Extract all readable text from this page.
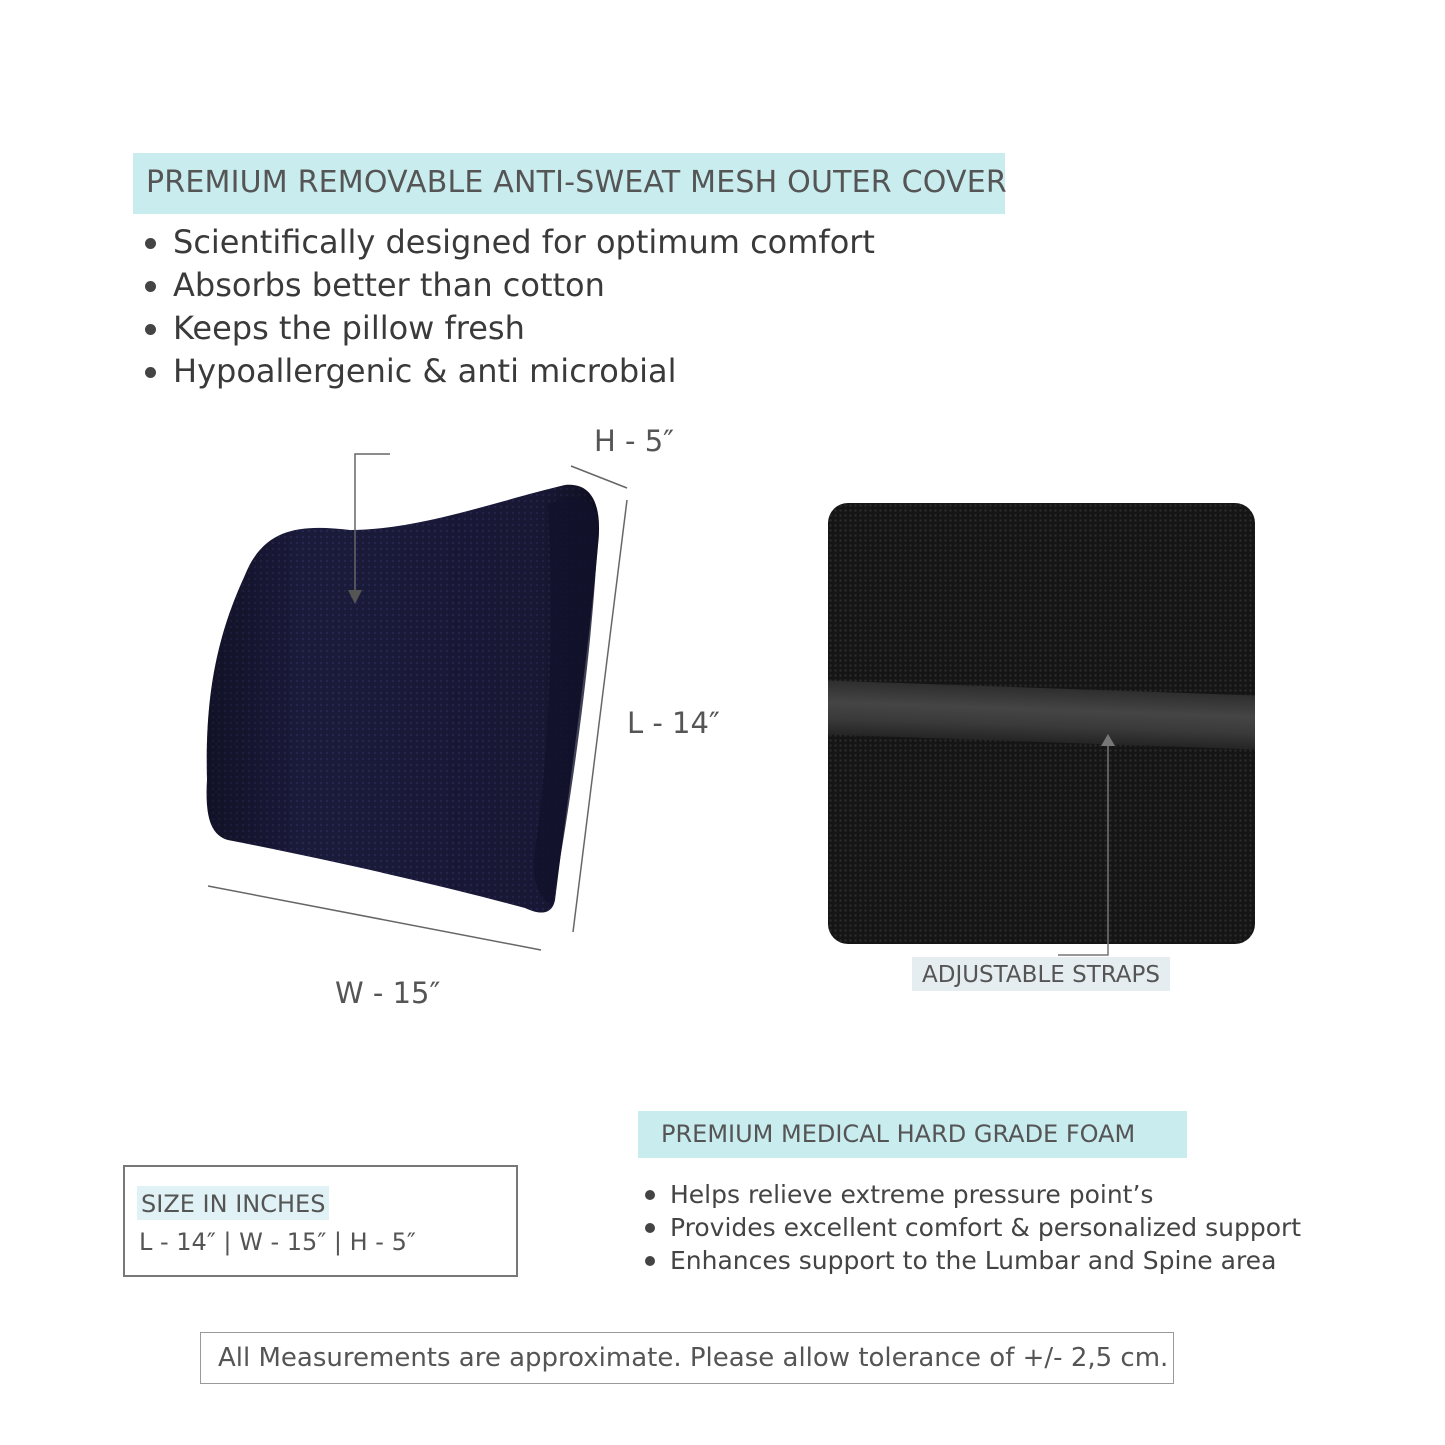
PREMIUM REMOVABLE ANTI-SWEAT MESH OUTER COVER
Scientifically designed for optimum comfort
Absorbs better than cotton
Keeps the pillow fresh
Hypoallergenic & anti microbial
H - 5″
L - 14″
W - 15″
ADJUSTABLE STRAPS
PREMIUM MEDICAL HARD GRADE FOAM
Helps relieve extreme pressure point’s
Provides excellent comfort & personalized support
Enhances support to the Lumbar and Spine area
SIZE IN INCHES
L - 14″ | W - 15″ | H - 5″
All Measurements are approximate. Please allow tolerance of +/- 2,5 cm.
